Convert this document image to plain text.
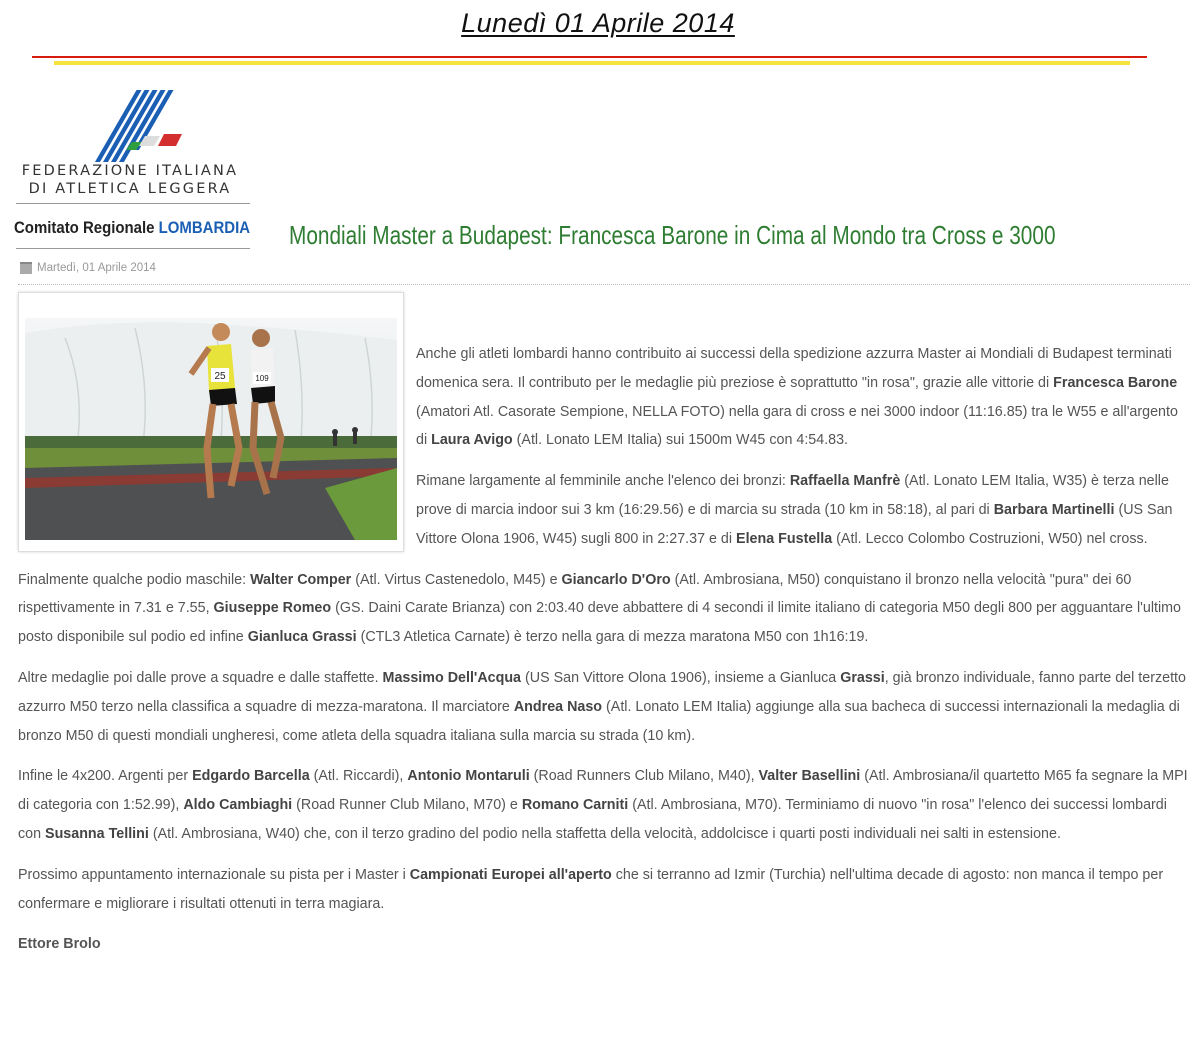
Lunedì 01 Aprile 2014
FEDERAZIONE ITALIANA
DI ATLETICA LEGGERA
Comitato Regionale LOMBARDIA Mondiali Master a Budapest: Francesca Barone in Cima al Mondo tra Cross e 3000
Martedì, 01 Aprile 2014
25	109

Anche gli atleti lombardi hanno contribuito ai successi della spedizione azzurra Master ai Mondiali di Budapest terminati domenica sera. Il contributo per le medaglie più preziose è soprattutto "in rosa", grazie alle vittorie di Francesca Barone (Amatori Atl. Casorate Sempione, NELLA FOTO) nella gara di cross e nei 3000 indoor (11:16.85) tra le W55 e all'argento di Laura Avigo (Atl. Lonato LEM Italia) sui 1500m W45 con 4:54.83.

Rimane largamente al femminile anche l'elenco dei bronzi: Raffaella Manfrè (Atl. Lonato LEM Italia, W35) è terza nelle prove di marcia indoor sui 3 km (16:29.56) e di marcia su strada (10 km in 58:18), al pari di Barbara Martinelli (US San Vittore Olona 1906, W45) sugli 800 in 2:27.37 e di Elena Fustella (Atl. Lecco Colombo Costruzioni, W50) nel cross.

Finalmente qualche podio maschile: Walter Comper (Atl. Virtus Castenedolo, M45) e Giancarlo D'Oro (Atl. Ambrosiana, M50) conquistano il bronzo nella velocità "pura" dei 60 rispettivamente in 7.31 e 7.55, Giuseppe Romeo (GS. Daini Carate Brianza) con 2:03.40 deve abbattere di 4 secondi il limite italiano di categoria M50 degli 800 per agguantare l'ultimo posto disponibile sul podio ed infine Gianluca Grassi (CTL3 Atletica Carnate) è terzo nella gara di mezza maratona M50 con 1h16:19.

Altre medaglie poi dalle prove a squadre e dalle staffette. Massimo Dell'Acqua (US San Vittore Olona 1906), insieme a Gianluca Grassi, già bronzo individuale, fanno parte del terzetto azzurro M50 terzo nella classifica a squadre di mezza-maratona. Il marciatore Andrea Naso (Atl. Lonato LEM Italia) aggiunge alla sua bacheca di successi internazionali la medaglia di bronzo M50 di questi mondiali ungheresi, come atleta della squadra italiana sulla marcia su strada (10 km).

Infine le 4x200. Argenti per Edgardo Barcella (Atl. Riccardi), Antonio Montaruli (Road Runners Club Milano, M40), Valter Basellini (Atl. Ambrosiana/il quartetto M65 fa segnare la MPI di categoria con 1:52.99), Aldo Cambiaghi (Road Runner Club Milano, M70) e Romano Carniti (Atl. Ambrosiana, M70). Terminiamo di nuovo "in rosa" l'elenco dei successi lombardi con Susanna Tellini (Atl. Ambrosiana, W40) che, con il terzo gradino del podio nella staffetta della velocità, addolcisce i quarti posti individuali nei salti in estensione.

Prossimo appuntamento internazionale su pista per i Master i Campionati Europei all'aperto che si terranno ad Izmir (Turchia) nell'ultima decade di agosto: non manca il tempo per confermare e migliorare i risultati ottenuti in terra magiara.

Ettore Brolo
